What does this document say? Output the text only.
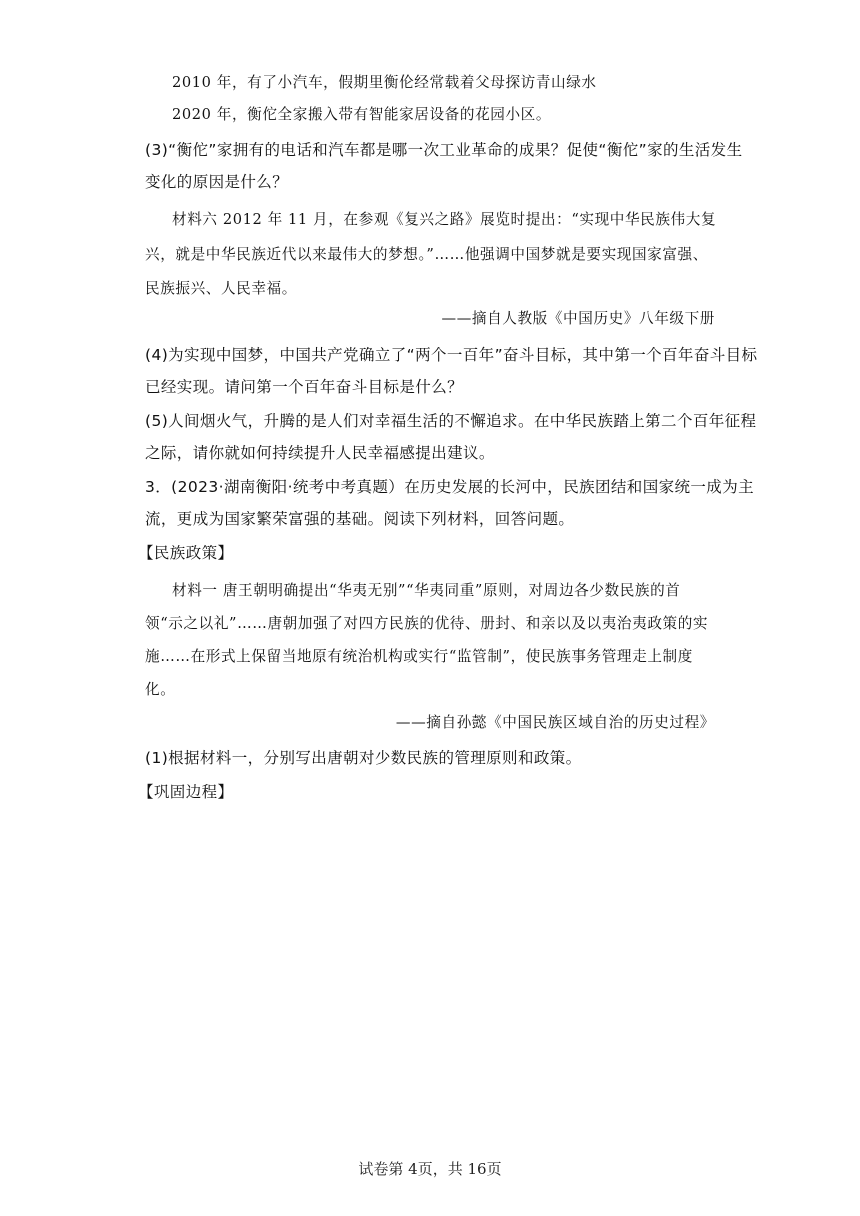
2010 年，有了小汽车，假期里衡伦经常载着父母探访青山绿水
2020 年，衡佗全家搬入带有智能家居设备的花园小区。
(3)“衡佗”家拥有的电话和汽车都是哪一次工业革命的成果？促使“衡佗”家的生活发生
变化的原因是什么？
材料六 2012 年 11 月，在参观《复兴之路》展览时提出：“实现中华民族伟大复
兴，就是中华民族近代以来最伟大的梦想。”……他强调中国梦就是要实现国家富强、
民族振兴、人民幸福。
——摘自人教版《中国历史》八年级下册
(4)为实现中国梦，中国共产党确立了“两个一百年”奋斗目标，其中第一个百年奋斗目标
已经实现。请问第一个百年奋斗目标是什么？
(5)人间烟火气，升腾的是人们对幸福生活的不懈追求。在中华民族踏上第二个百年征程
之际，请你就如何持续提升人民幸福感提出建议。
3．(2023·湖南衡阳·统考中考真题）在历史发展的长河中，民族团结和国家统一成为主
流，更成为国家繁荣富强的基础。阅读下列材料，回答问题。
【民族政策】
材料一 唐王朝明确提出“华夷无别”“华夷同重”原则，对周边各少数民族的首
领“示之以礼”……唐朝加强了对四方民族的优待、册封、和亲以及以夷治夷政策的实
施……在形式上保留当地原有统治机构或实行“监管制”，使民族事务管理走上制度
化。
——摘自孙懿《中国民族区域自治的历史过程》
(1)根据材料一，分别写出唐朝对少数民族的管理原则和政策。
【巩固边程】
试卷第 4页，共 16页
